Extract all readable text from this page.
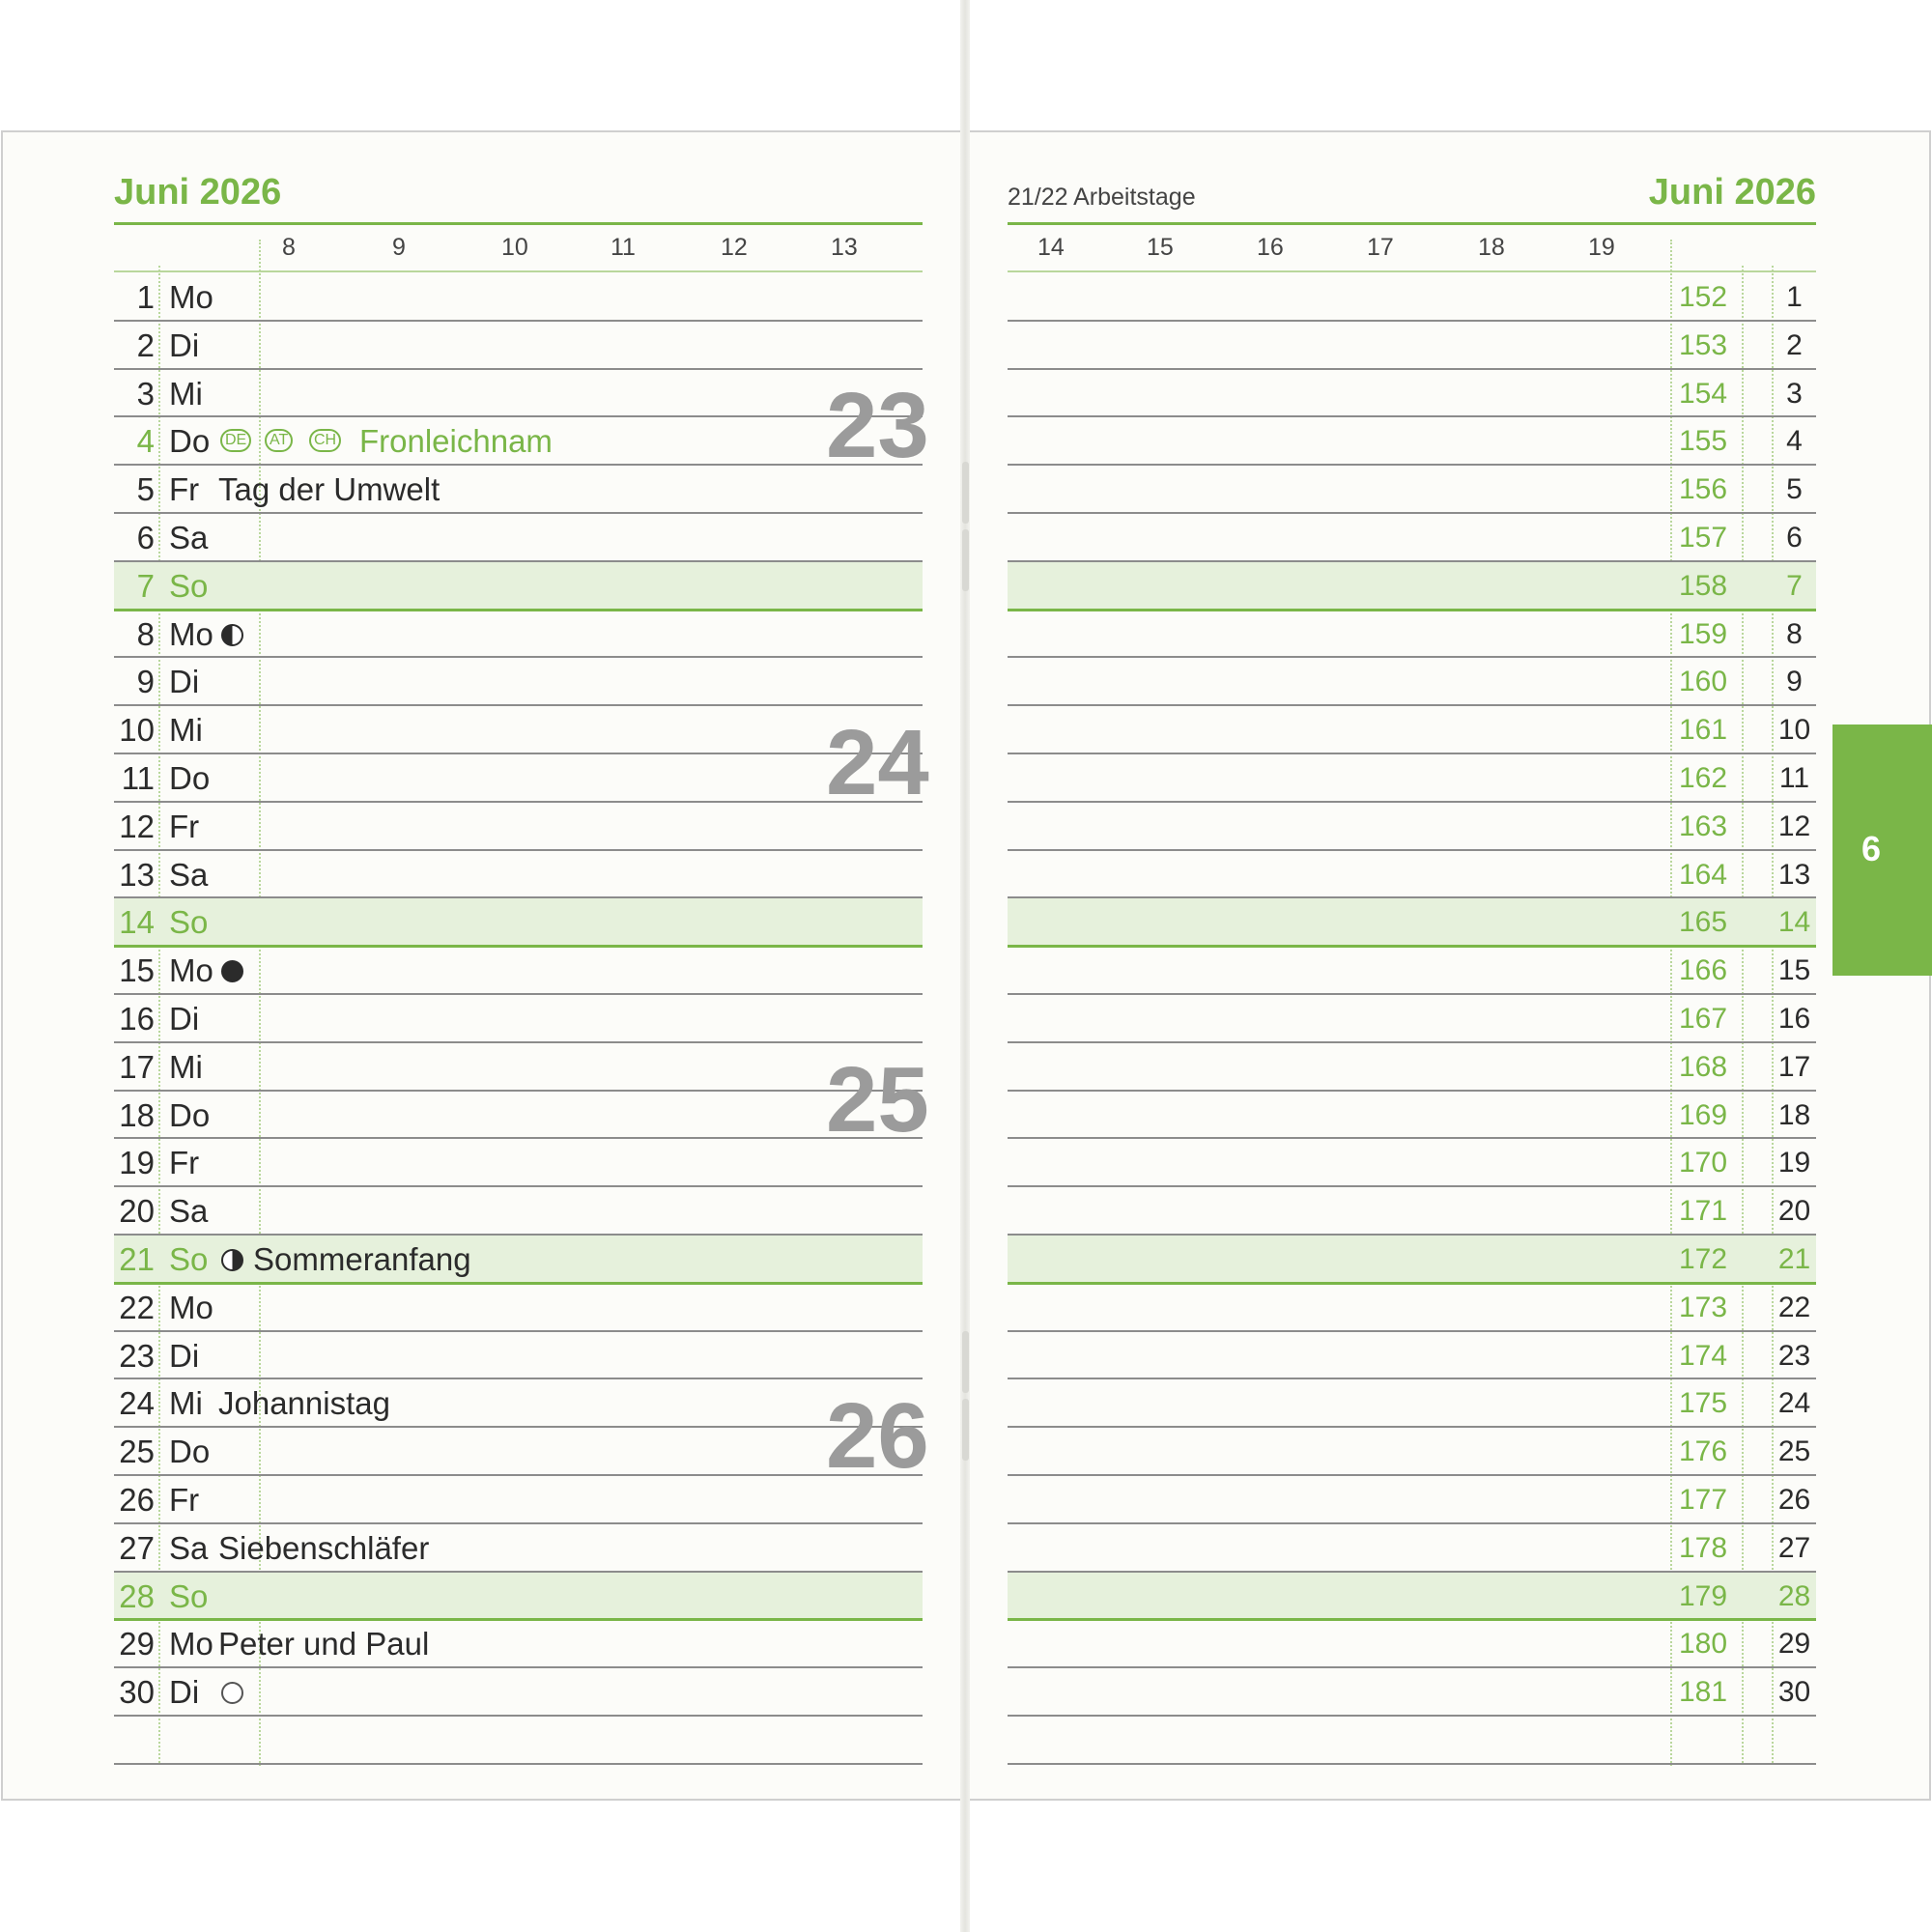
Juni 2026	21/22 Arbeitstage	Juni 2026
8	9	10	11	12	13	14	15	16	17	18	19
1 Mo	152	1
2 Di	153	2
3 Mi	154	3
4 Do DE	AT	CH Fronleichnam	155	4
5 Fr Tag der Umwelt	156	5
6 Sa	157	6
7 So	158	7
8 Mo	159	8
9 Di	160	9
10 Mi	161	10
11 Do	162	11
12 Fr	163	12
13 Sa	164	13
14 So	165	14
15 Mo	166	15
16 Di	167	16
17 Mi	168	17
18 Do	169	18
19 Fr	170	19
20 Sa	171	20
21 So Sommeranfang	172	21
22 Mo	173	22
23 Di	174	23
24 Mi Johannistag	175	24
25 Do	176	25
26 Fr	177	26
27 Sa Siebenschläfer	178	27
28 So	179	28
29 Mo Peter und Paul	180	29
30 Di	181	30
23
24
25
26
6
